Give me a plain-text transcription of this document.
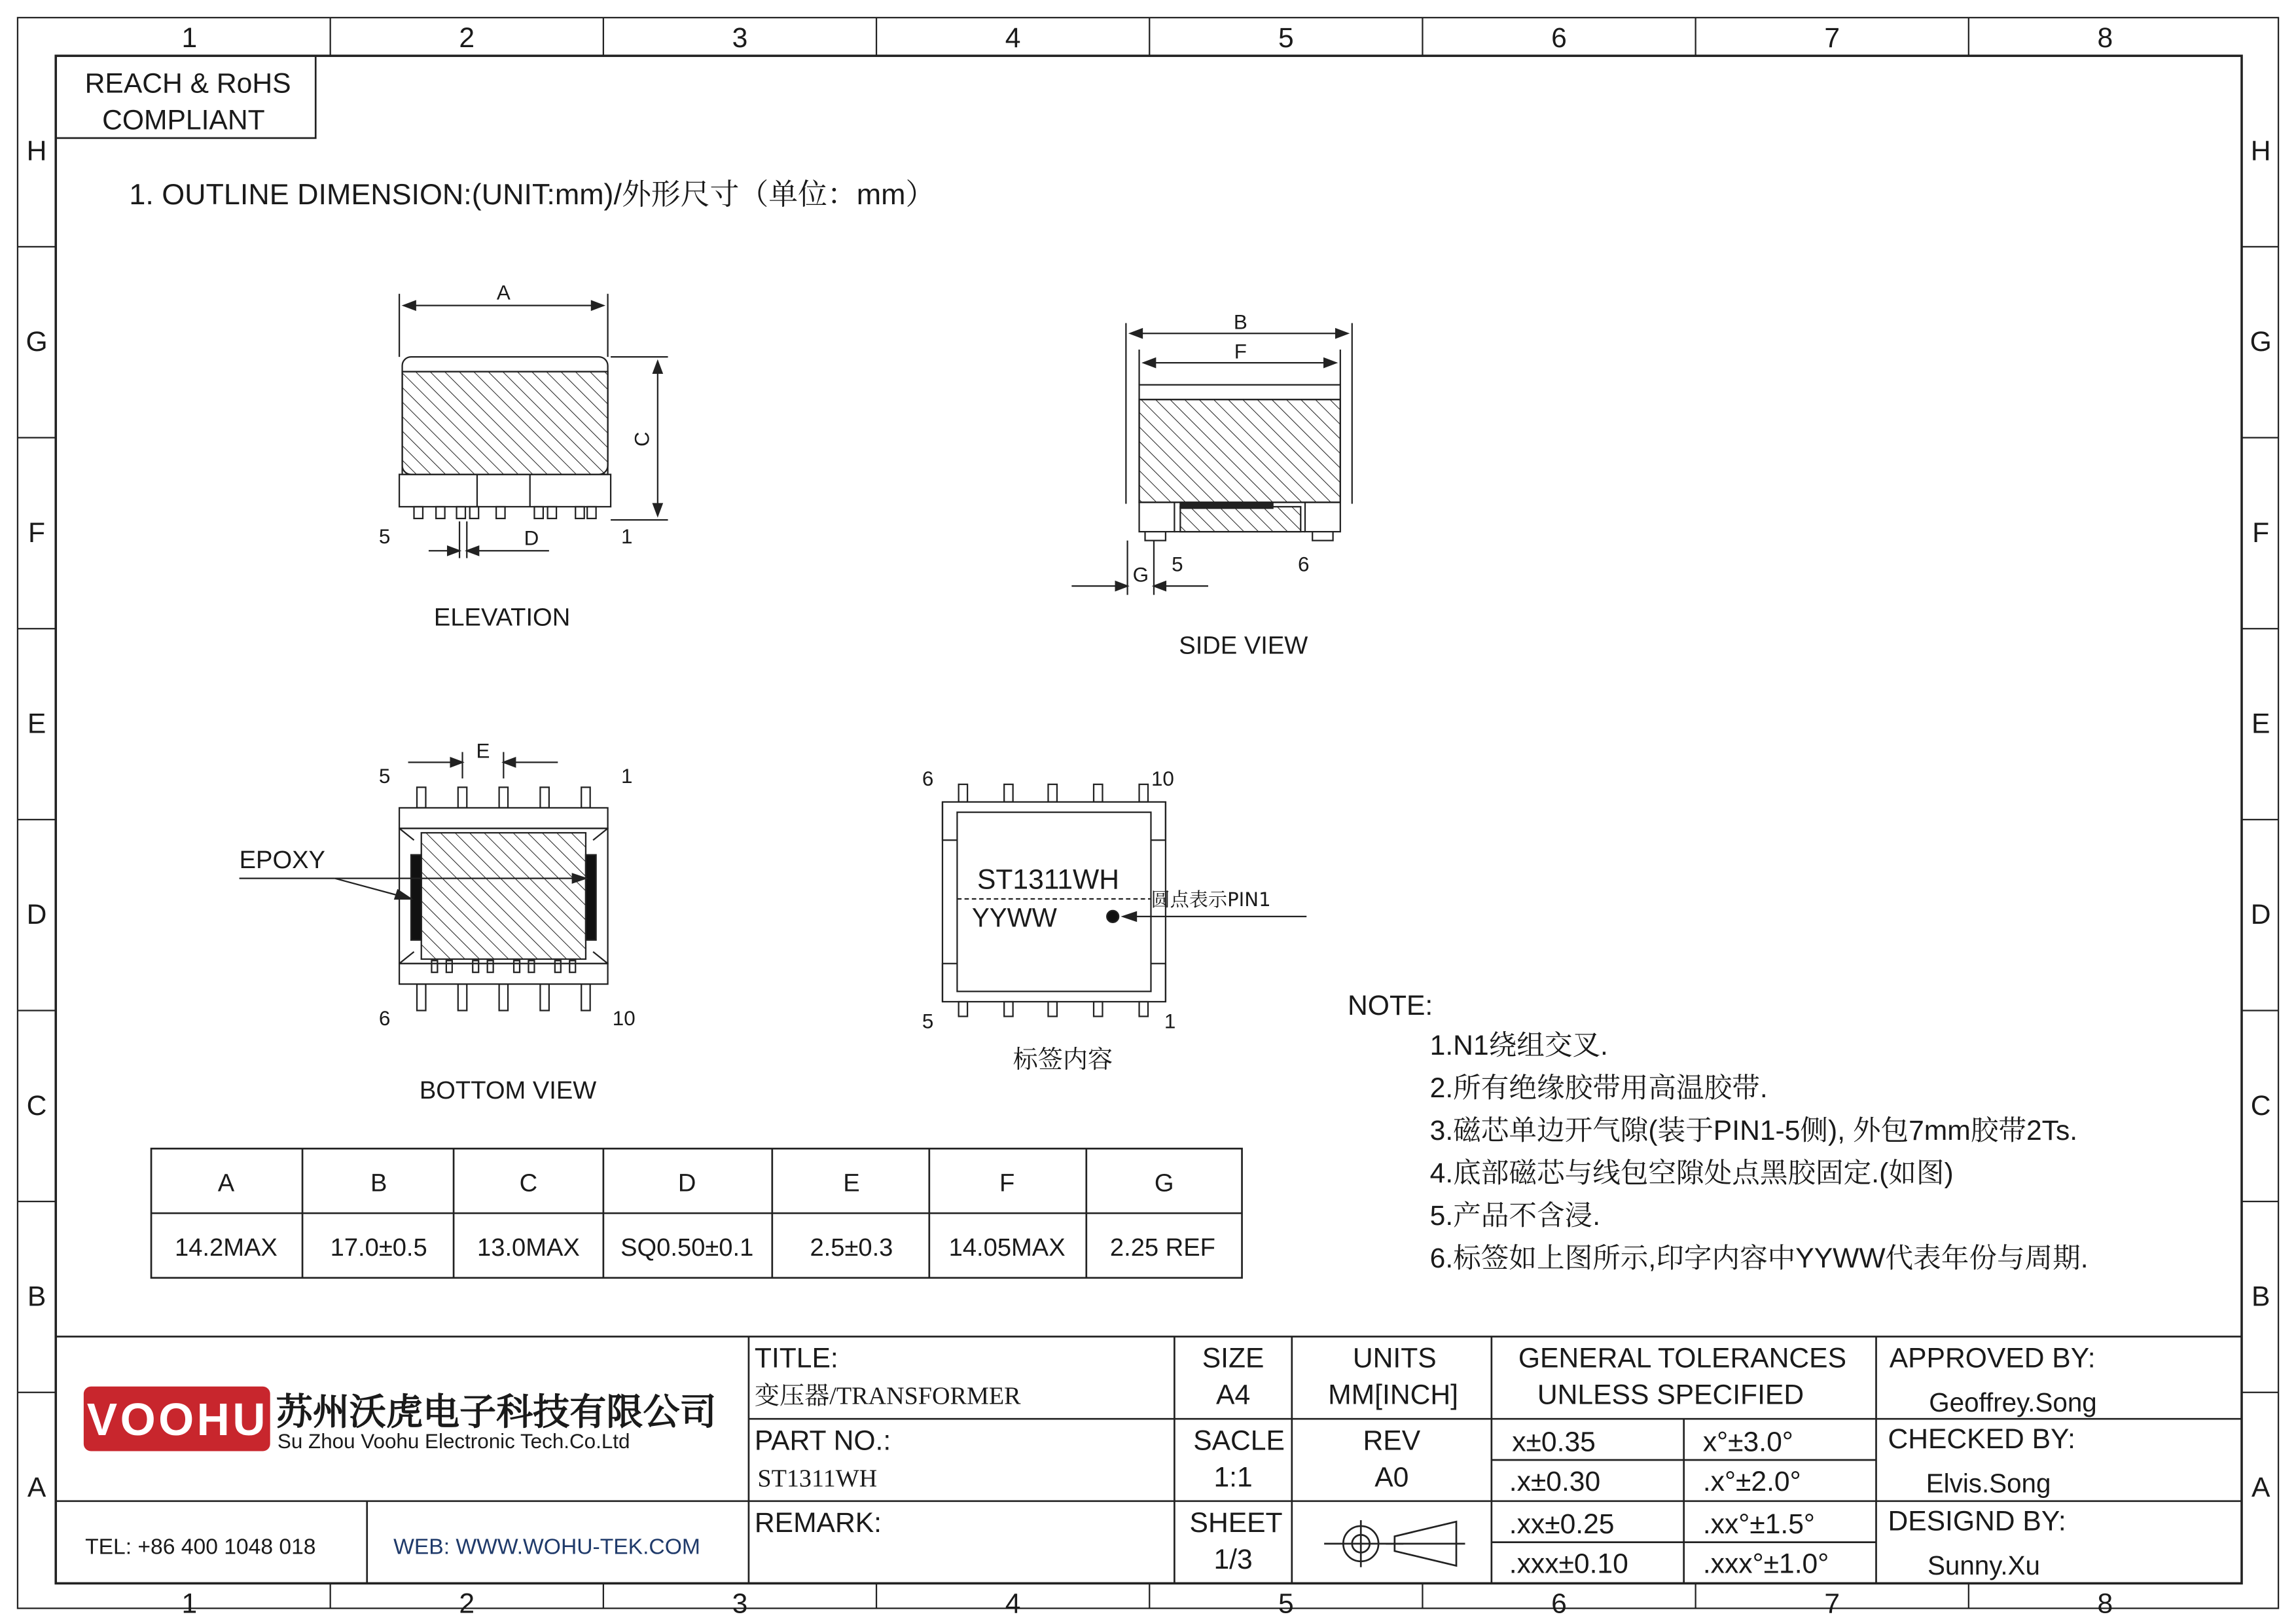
1	2	3	4	5	6	7	8
1	2	3	4	5	6	7	8
H
G
F
E
D
C
B
A
H
G
F
E
D
C
B
A
REACH & RoHS
COMPLIANT
1. OUTLINE DIMENSION:(UNIT:mm)/外形尺寸（单位：mm）
A
C
D
5	1
ELEVATION
B
F
G	5	6
SIDE VIEW
E
5	1
6	10
EPOXY
BOTTOM VIEW
6	10
5	1
ST1311WH
YYWW
圆点表示PIN1
标签内容
A	B	C	D	E	F	G
14.2MAX	17.0±0.5	13.0MAX	SQ0.50±0.1	2.5±0.3	14.05MAX	2.25 REF
NOTE:
1.N1绕组交叉.
2.所有绝缘胶带用高温胶带.
3.磁芯单边开气隙(装于PIN1-5侧), 外包7mm胶带2Ts.
4.底部磁芯与线包空隙处点黑胶固定.(如图)
5.产品不含浸.
6.标签如上图所示,印字内容中YYWW代表年份与周期.
VOOHU 苏州沃虎电子科技有限公司
Su Zhou Voohu Electronic Tech.Co.Ltd
TEL: +86 400 1048 018	WEB: WWW.WOHU-TEK.COM
TITLE:
变压器/TRANSFORMER
PART NO.:
ST1311WH
REMARK:
SIZE
A4
SACLE
1:1
SHEET
1/3
UNITS
MM[INCH]
REV
A0
GENERAL TOLERANCES
UNLESS SPECIFIED
x±0.35	x°±3.0°
.x±0.30	.x°±2.0°
.xx±0.25	.xx°±1.5°
.xxx±0.10	.xxx°±1.0°
APPROVED BY:
Geoffrey.Song
CHECKED BY:
Elvis.Song
DESIGND BY:
Sunny.Xu
